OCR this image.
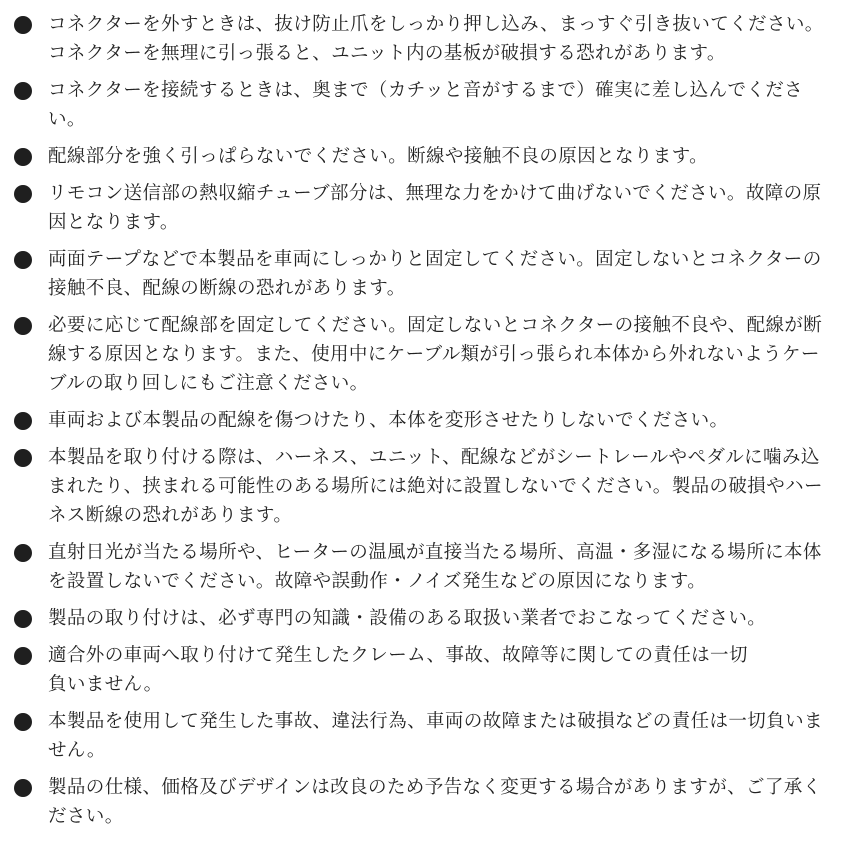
コネクターを外すときは、抜け防止爪をしっかり押し込み、まっすぐ引き抜いてください。
コネクターを無理に引っ張ると、ユニット内の基板が破損する恐れがあります。
コネクターを接続するときは、奥まで（カチッと音がするまで）確実に差し込んでくださ
い。
配線部分を強く引っぱらないでください。断線や接触不良の原因となります。
リモコン送信部の熱収縮チューブ部分は、無理な力をかけて曲げないでください。故障の原
因となります。
両面テープなどで本製品を車両にしっかりと固定してください。固定しないとコネクターの
接触不良、配線の断線の恐れがあります。
必要に応じて配線部を固定してください。固定しないとコネクターの接触不良や、配線が断
線する原因となります。また、使用中にケーブル類が引っ張られ本体から外れないようケー
ブルの取り回しにもご注意ください。
車両および本製品の配線を傷つけたり、本体を変形させたりしないでください。
本製品を取り付ける際は、ハーネス、ユニット、配線などがシートレールやペダルに噛み込
まれたり、挟まれる可能性のある場所には絶対に設置しないでください。製品の破損やハー
ネス断線の恐れがあります。
直射日光が当たる場所や、ヒーターの温風が直接当たる場所、高温・多湿になる場所に本体
を設置しないでください。故障や誤動作・ノイズ発生などの原因になります。
製品の取り付けは、必ず専門の知識・設備のある取扱い業者でおこなってください。
適合外の車両へ取り付けて発生したクレーム、事故、故障等に関しての責任は一切
負いません。
本製品を使用して発生した事故、違法行為、車両の故障または破損などの責任は一切負いま
せん。
製品の仕様、価格及びデザインは改良のため予告なく変更する場合がありますが、ご了承く
ださい。
